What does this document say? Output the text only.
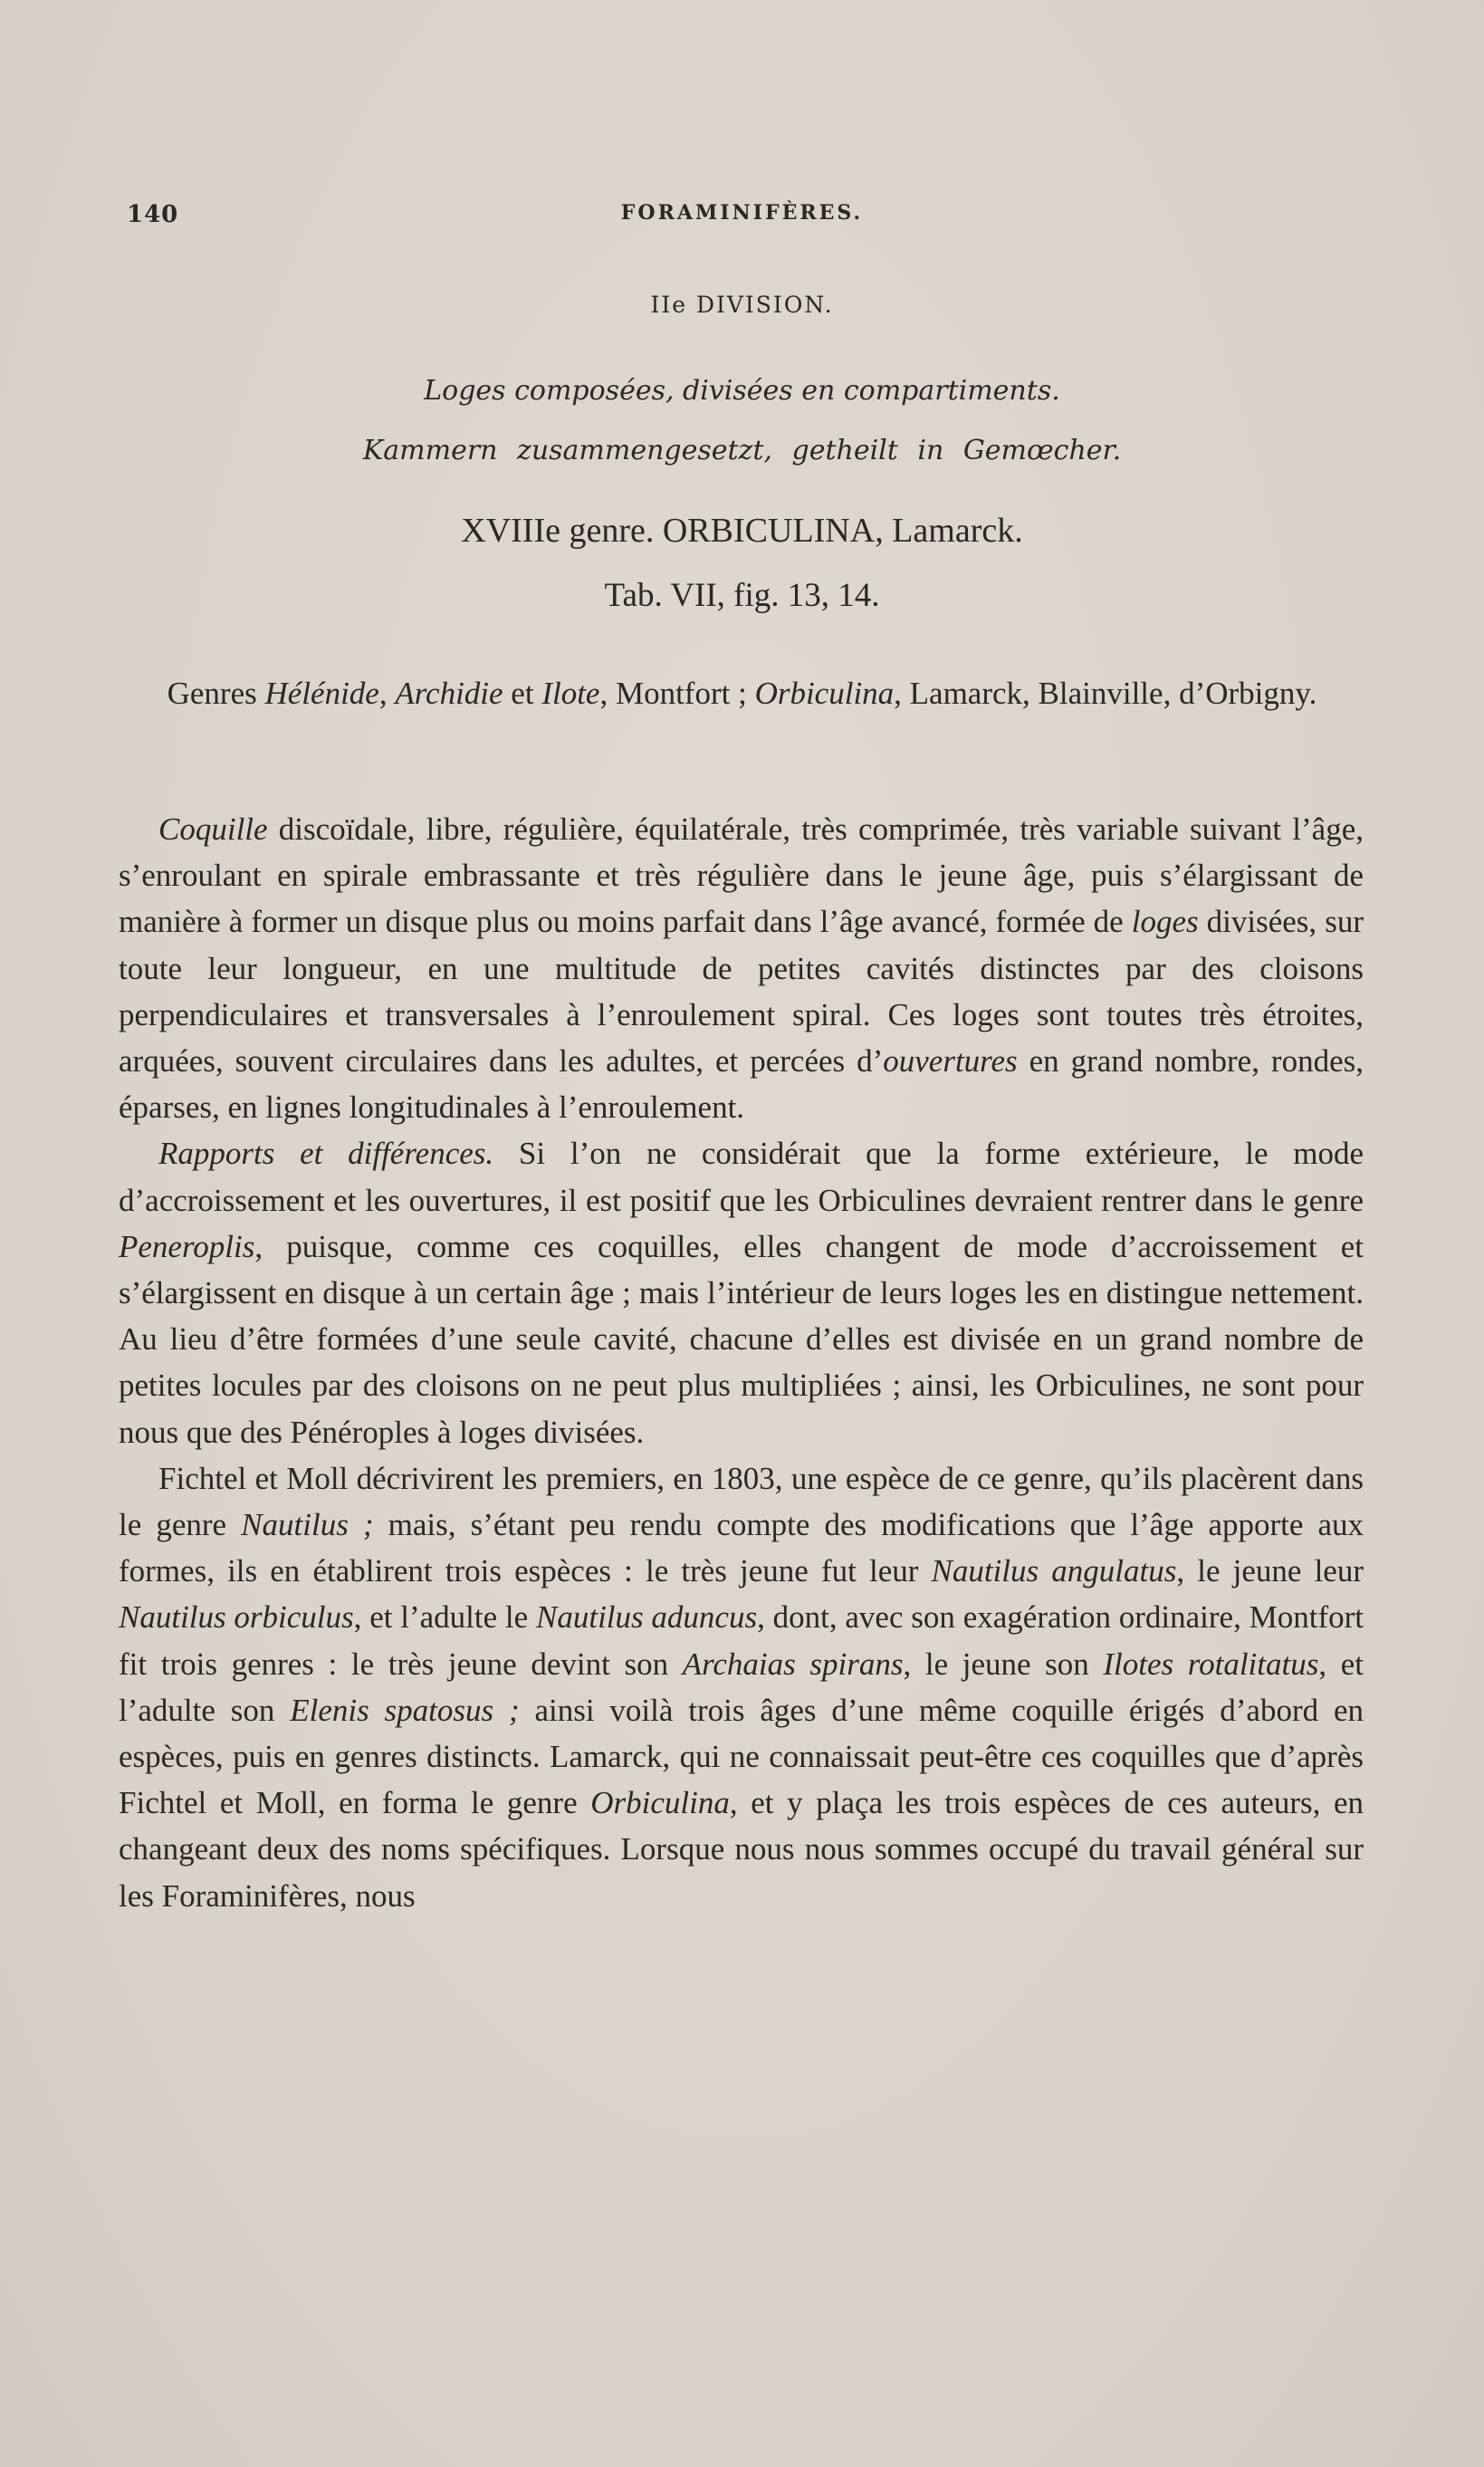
140	FORAMINIFÈRES.
IIe DIVISION.
Loges composées, divisées en compartiments.
Kammern zusammengesetzt, getheilt in Gemœcher.
XVIIIe genre. ORBICULINA, Lamarck.
Tab. VII, fig. 13, 14.
Genres Hélénide, Archidie et Ilote, Montfort ; Orbiculina, Lamarck, Blainville, d’Orbigny.

Coquille discoïdale, libre, régulière, équilatérale, très comprimée, très variable suivant l’âge, s’enroulant en spirale embrassante et très régulière dans le jeune âge, puis s’élargissant de manière à former un disque plus ou moins parfait dans l’âge avancé, formée de loges divisées, sur toute leur longueur, en une multitude de petites cavités distinctes par des cloisons perpendiculaires et transversales à l’enroulement spiral. Ces loges sont toutes très étroites, arquées, souvent circulaires dans les adultes, et percées d’ouvertures en grand nombre, rondes, éparses, en lignes longitudinales à l’enroulement.

Rapports et différences. Si l’on ne considérait que la forme extérieure, le mode d’accroissement et les ouvertures, il est positif que les Orbiculines devraient rentrer dans le genre Peneroplis, puisque, comme ces coquilles, elles changent de mode d’accroissement et s’élargissent en disque à un certain âge ; mais l’intérieur de leurs loges les en distingue nettement. Au lieu d’être formées d’une seule cavité, chacune d’elles est divisée en un grand nombre de petites locules par des cloisons on ne peut plus multipliées ; ainsi, les Orbiculines, ne sont pour nous que des Pénéroples à loges divisées.

Fichtel et Moll décrivirent les premiers, en 1803, une espèce de ce genre, qu’ils placèrent dans le genre Nautilus ; mais, s’étant peu rendu compte des modifications que l’âge apporte aux formes, ils en établirent trois espèces : le très jeune fut leur Nautilus angulatus, le jeune leur Nautilus orbiculus, et l’adulte le Nautilus aduncus, dont, avec son exagération ordinaire, Montfort fit trois genres : le très jeune devint son Archaias spirans, le jeune son Ilotes rotalitatus, et l’adulte son Elenis spatosus ; ainsi voilà trois âges d’une même coquille érigés d’abord en espèces, puis en genres distincts. Lamarck, qui ne connaissait peut-être ces coquilles que d’après Fichtel et Moll, en forma le genre Orbiculina, et y plaça les trois espèces de ces auteurs, en changeant deux des noms spécifiques. Lorsque nous nous sommes occupé du travail général sur les Foraminifères, nous
